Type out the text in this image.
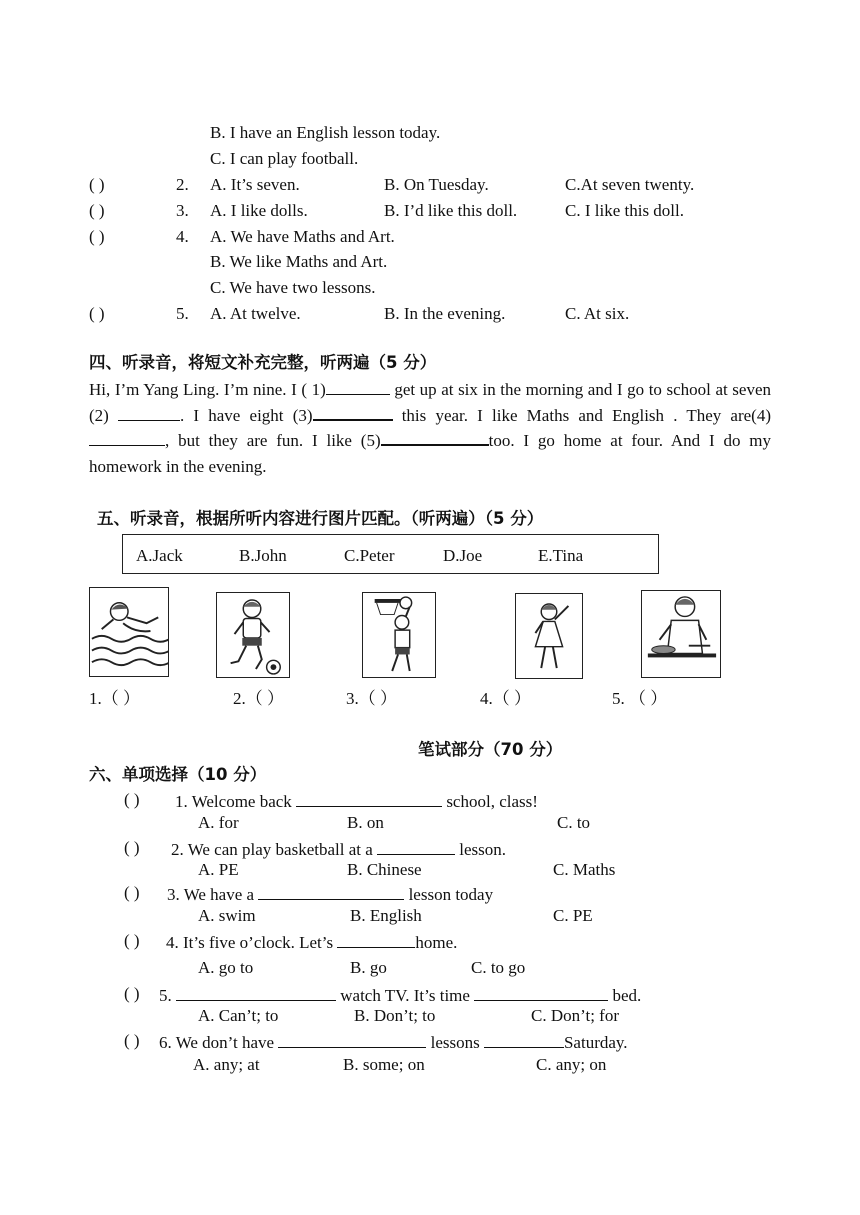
B. I have an English lesson today.
C. I can play football.
( )	2. A. It’s seven.	B. On Tuesday.	C.At seven twenty.
( )	3. A. I like dolls.	B. I’d like this doll.	C. I like this doll.
( )	4. A. We have Maths and Art.
B. We like Maths and Art.
C. We have two lessons.
( )	5. A. At twelve.	B. In the evening.	C. At six.
四、听录音，将短文补充完整，听两遍（5 分）
Hi, I’m Yang Ling. I’m nine. I ( 1)	get up at six in the morning and I go to school at seven (2)	. I have eight (3)	this year. I like Maths and English . They are(4) , but they are fun. I like (5)	too. I go home at four. And I do my homework in the evening.
五、听录音，根据所听内容进行图片匹配。（听两遍）（5 分）
A.Jack	B.John	C.Peter	D.Joe	E.Tina
1.（ ）	2.（ ）	3.（ ）	4.（ ）	5. （ ）
笔试部分（70 分）
六、单项选择（10 分）
( ) 1. Welcome back	school, class!
A. for	B. on	C. to
( ) 2. We can play basketball at a	lesson.
A. PE	B. Chinese	C. Maths
( ) 3. We have a	lesson today
A. swim	B. English	C. PE
( ) 4. It’s five o’clock. Let’s	home.
A. go to	B. go	C. to go
( ) 5.	watch TV. It’s time	bed.
A. Can’t; to	B. Don’t; to	C. Don’t; for
( ) 6. We don’t have	lessons	Saturday.
A. any; at	B. some; on	C. any; on
